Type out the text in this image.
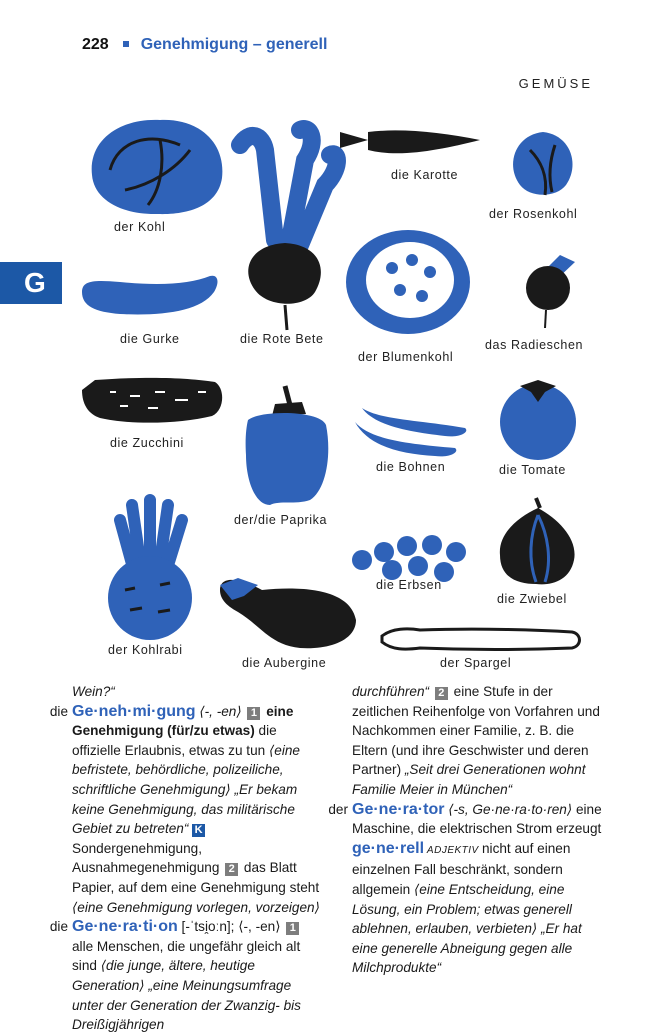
228 Genehmigung – generell
GEMÜSE
G
der Kohl
die Karotte
der Rosenkohl
die Gurke	die Rote Bete
der Blumenkohl
das Radieschen
die Zucchini
die Bohnen	die Tomate
der/die Paprika
die Erbsen
die Zwiebel
der Kohlrabi
die Aubergine	der Spargel

Wein?“

die Ge·neh·mi·gung ⟨-, -en⟩ 1 eine Genehmigung (für/zu etwas) die offizielle Erlaubnis, etwas zu tun ⟨eine befristete, behördliche, polizeiliche, schriftliche Genehmigung⟩ „Er bekam keine Genehmigung, das militärische Gebiet zu betreten“ K Sondergenehmigung, Ausnahmegenehmigung 2 das Blatt Papier, auf dem eine Genehmigung steht ⟨eine Genehmigung vorlegen, vorzeigen⟩

die Ge·ne·ra·ti·on [-ˈtsi̯oːn]; ⟨-, -en⟩ 1 alle Menschen, die ungefähr gleich alt sind ⟨die junge, ältere, heutige Generation⟩ „eine Meinungsumfrage unter der Generation der Zwanzig- bis Dreißigjährigen

durchführen“ 2 eine Stufe in der zeitlichen Reihenfolge von Vorfahren und Nachkommen einer Familie, z. B. die Eltern (und ihre Geschwister und deren Partner) „Seit drei Generationen wohnt Familie Meier in München“

der Ge·ne·ra·tor ⟨-s, Ge·ne·ra·to·ren⟩ eine Maschine, die elektrischen Strom erzeugt

ge·ne·rell ADJEKTIV nicht auf einen einzelnen Fall beschränkt, sondern allgemein ⟨eine Entscheidung, eine Lösung, ein Problem; etwas generell ablehnen, erlauben, verbieten⟩ „Er hat eine generelle Abneigung gegen alle Milchprodukte“
